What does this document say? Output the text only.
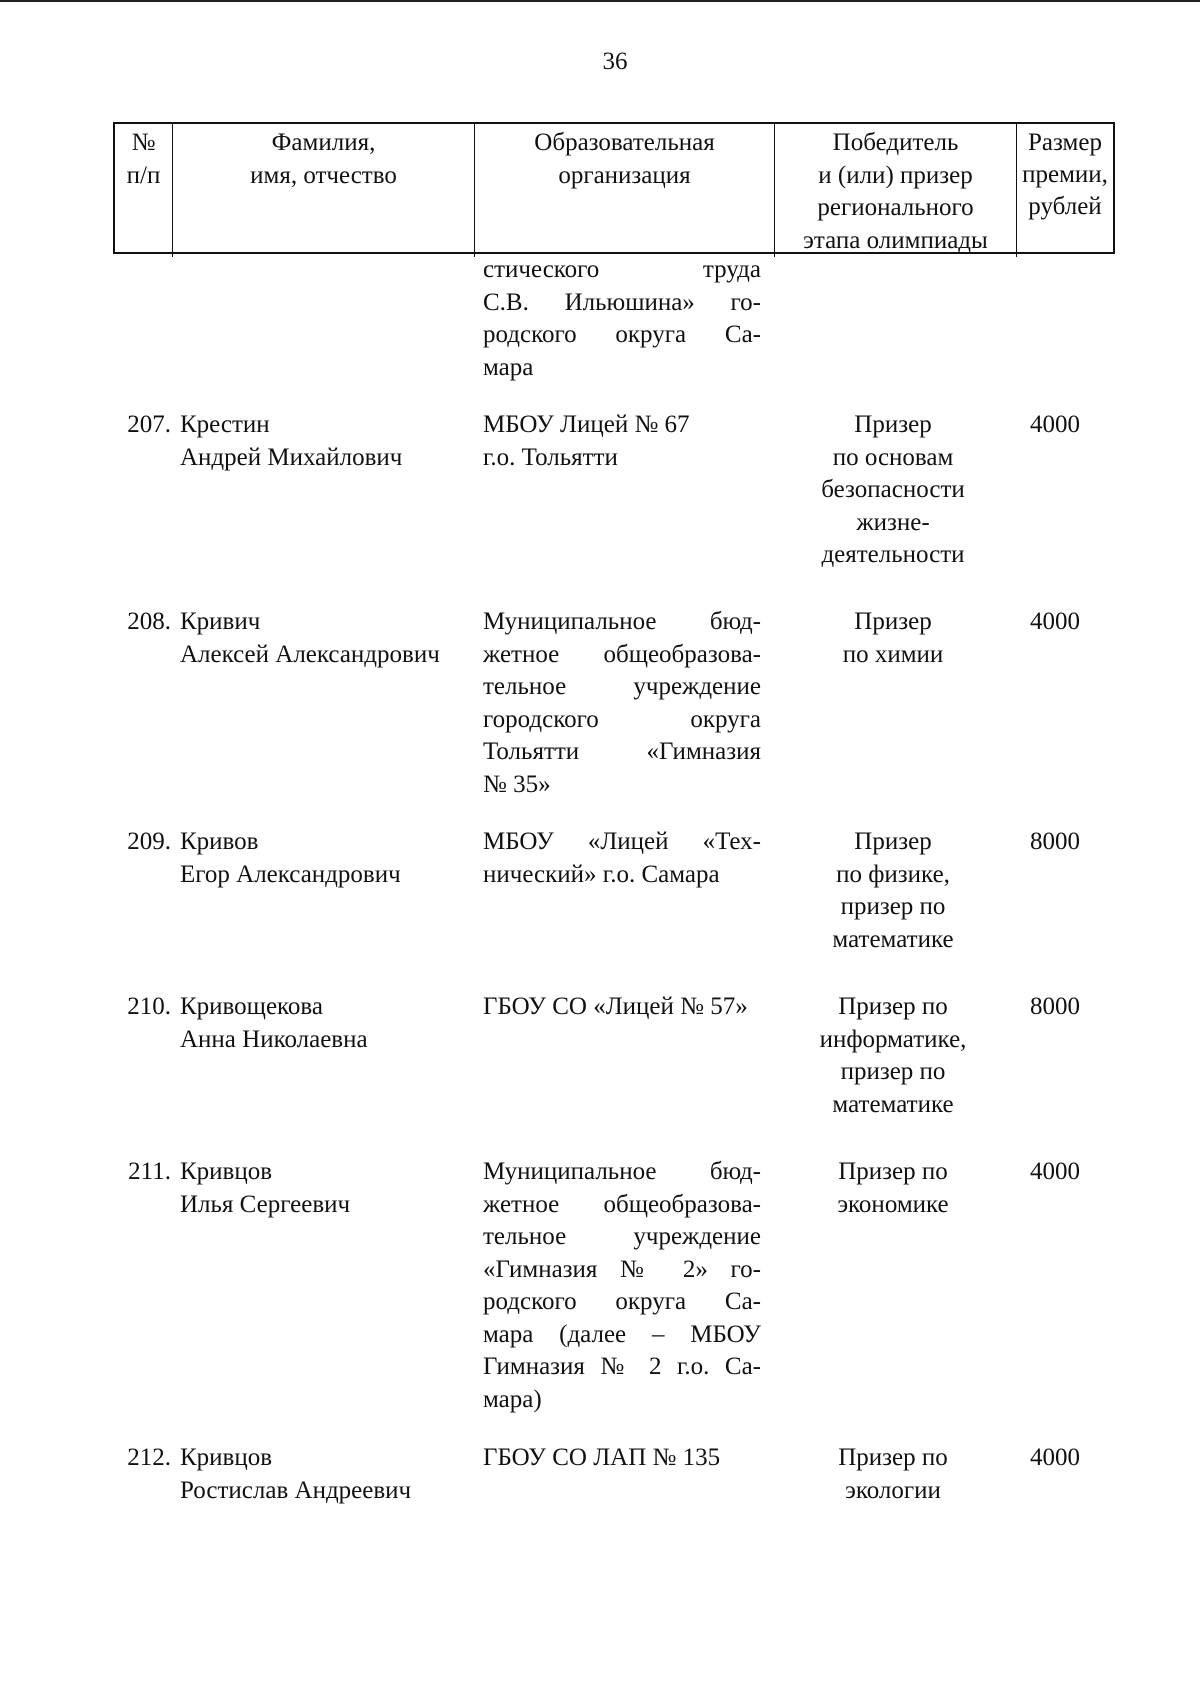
36
№
п/п
Фамилия,
имя, отчество
Образовательная
организация
Победитель
и (или) призер
регионального
этапа олимпиады
Размер
премии,
рублей
стического труда
С.В. Ильюшина» го-
родского округа Са-
мара
207. Крестин
Андрей Михайлович
МБОУ Лицей № 67
г.о. Тольятти
Призер
по основам
безопасности
жизне-
деятельности
4000
208. Кривич
Алексей Александрович
Муниципальное бюд-
жетное общеобразова-
тельное учреждение
городского округа
Тольятти «Гимназия
№ 35»
Призер
по химии
4000
209. Кривов
Егор Александрович
МБОУ «Лицей «Тех-
нический» г.о. Самара
Призер
по физике,
призер по
математике
8000
210. Кривощекова
Анна Николаевна
ГБОУ СО «Лицей № 57»	Призер по
информатике,
призер по
математике
8000
211. Кривцов
Илья Сергеевич
Муниципальное бюд-
жетное общеобразова-
тельное учреждение
«Гимназия № 2» го-
родского округа Са-
мара (далее – МБОУ
Гимназия № 2 г.о. Са-
мара)
Призер по
экономике
4000
212. Кривцов
Ростислав Андреевич
ГБОУ СО ЛАП № 135	Призер по
экологии
4000
